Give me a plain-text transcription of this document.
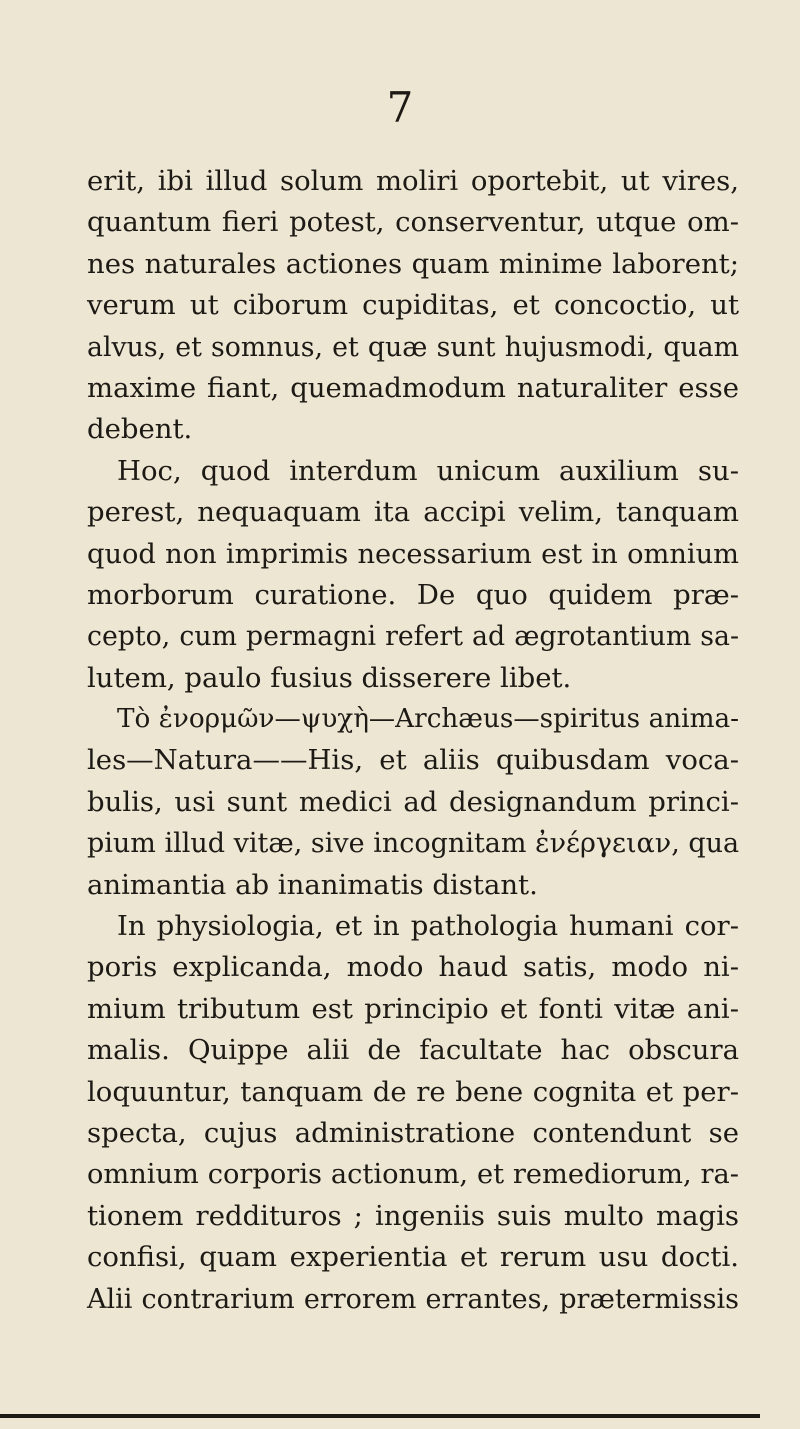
7
erit, ibi illud solum moliri oportebit, ut vires,
quantum fieri potest, conserventur, utque om-
nes naturales actiones quam minime laborent;
verum ut ciborum cupiditas, et concoctio, ut
alvus, et somnus, et quæ sunt hujusmodi, quam
maxime fiant, quemadmodum naturaliter esse
debent.
Hoc, quod interdum unicum auxilium su-
perest, nequaquam ita accipi velim, tanquam
quod non imprimis necessarium est in omnium
morborum curatione. De quo quidem præ-
cepto, cum permagni refert ad ægrotantium sa-
lutem, paulo fusius disserere libet.
Tὸ ἐνορμῶν—ψυχὴ—Archæus—spiritus anima-
les—Natura——His, et aliis quibusdam voca-
bulis, usi sunt medici ad designandum princi-
pium illud vitæ, sive incognitam ἐνέργειαν, qua
animantia ab inanimatis distant.
In physiologia, et in pathologia humani cor-
poris explicanda, modo haud satis, modo ni-
mium tributum est principio et fonti vitæ ani-
malis. Quippe alii de facultate hac obscura
loquuntur, tanquam de re bene cognita et per-
specta, cujus administratione contendunt se
omnium corporis actionum, et remediorum, ra-
tionem reddituros ; ingeniis suis multo magis
confisi, quam experientia et rerum usu docti.
Alii contrarium errorem errantes, prætermissis
